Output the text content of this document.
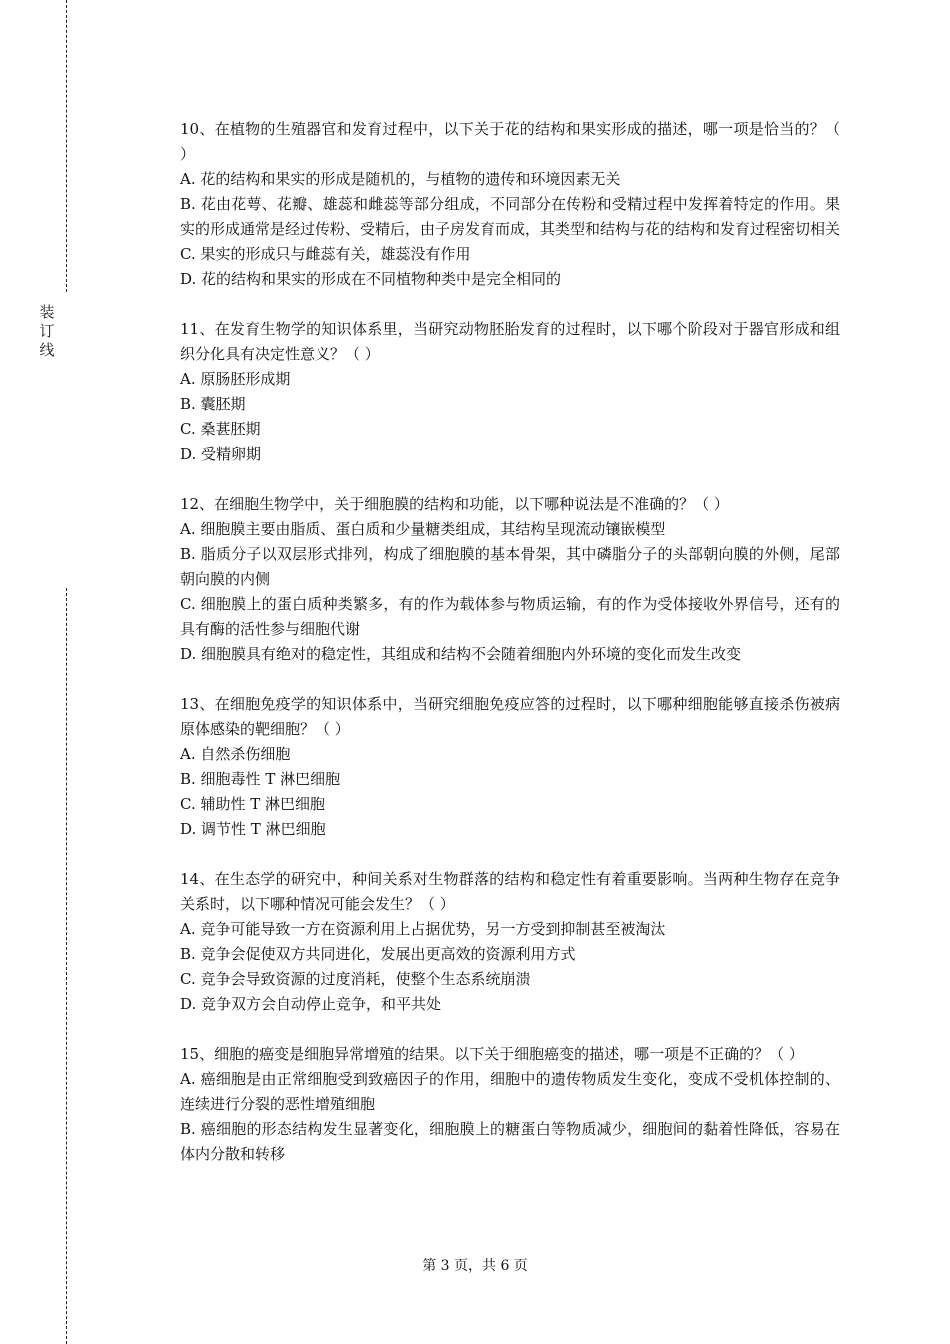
装
订
线

10、在植物的生殖器官和发育过程中，以下关于花的结构和果实形成的描述，哪一项是恰当的？（ ）

A. 花的结构和果实的形成是随机的，与植物的遗传和环境因素无关

B. 花由花萼、花瓣、雄蕊和雌蕊等部分组成，不同部分在传粉和受精过程中发挥着特定的作用。果实的形成通常是经过传粉、受精后，由子房发育而成，其类型和结构与花的结构和发育过程密切相关

C. 果实的形成只与雌蕊有关，雄蕊没有作用

D. 花的结构和果实的形成在不同植物种类中是完全相同的

11、在发育生物学的知识体系里，当研究动物胚胎发育的过程时，以下哪个阶段对于器官形成和组织分化具有决定性意义？（ ）

A. 原肠胚形成期

B. 囊胚期

C. 桑葚胚期

D. 受精卵期

12、在细胞生物学中，关于细胞膜的结构和功能，以下哪种说法是不准确的？（ ）

A. 细胞膜主要由脂质、蛋白质和少量糖类组成，其结构呈现流动镶嵌模型

B. 脂质分子以双层形式排列，构成了细胞膜的基本骨架，其中磷脂分子的头部朝向膜的外侧，尾部朝向膜的内侧

C. 细胞膜上的蛋白质种类繁多，有的作为载体参与物质运输，有的作为受体接收外界信号，还有的具有酶的活性参与细胞代谢

D. 细胞膜具有绝对的稳定性，其组成和结构不会随着细胞内外环境的变化而发生改变

13、在细胞免疫学的知识体系中，当研究细胞免疫应答的过程时，以下哪种细胞能够直接杀伤被病原体感染的靶细胞？（ ）

A. 自然杀伤细胞

B. 细胞毒性 T 淋巴细胞

C. 辅助性 T 淋巴细胞

D. 调节性 T 淋巴细胞

14、在生态学的研究中，种间关系对生物群落的结构和稳定性有着重要影响。当两种生物存在竞争关系时，以下哪种情况可能会发生？（ ）

A. 竞争可能导致一方在资源利用上占据优势，另一方受到抑制甚至被淘汰

B. 竞争会促使双方共同进化，发展出更高效的资源利用方式

C. 竞争会导致资源的过度消耗，使整个生态系统崩溃

D. 竞争双方会自动停止竞争，和平共处

15、细胞的癌变是细胞异常增殖的结果。以下关于细胞癌变的描述，哪一项是不正确的？（ ）

A. 癌细胞是由正常细胞受到致癌因子的作用，细胞中的遗传物质发生变化，变成不受机体控制的、连续进行分裂的恶性增殖细胞

B. 癌细胞的形态结构发生显著变化，细胞膜上的糖蛋白等物质减少，细胞间的黏着性降低，容易在体内分散和转移

第 3 页，共 6 页
